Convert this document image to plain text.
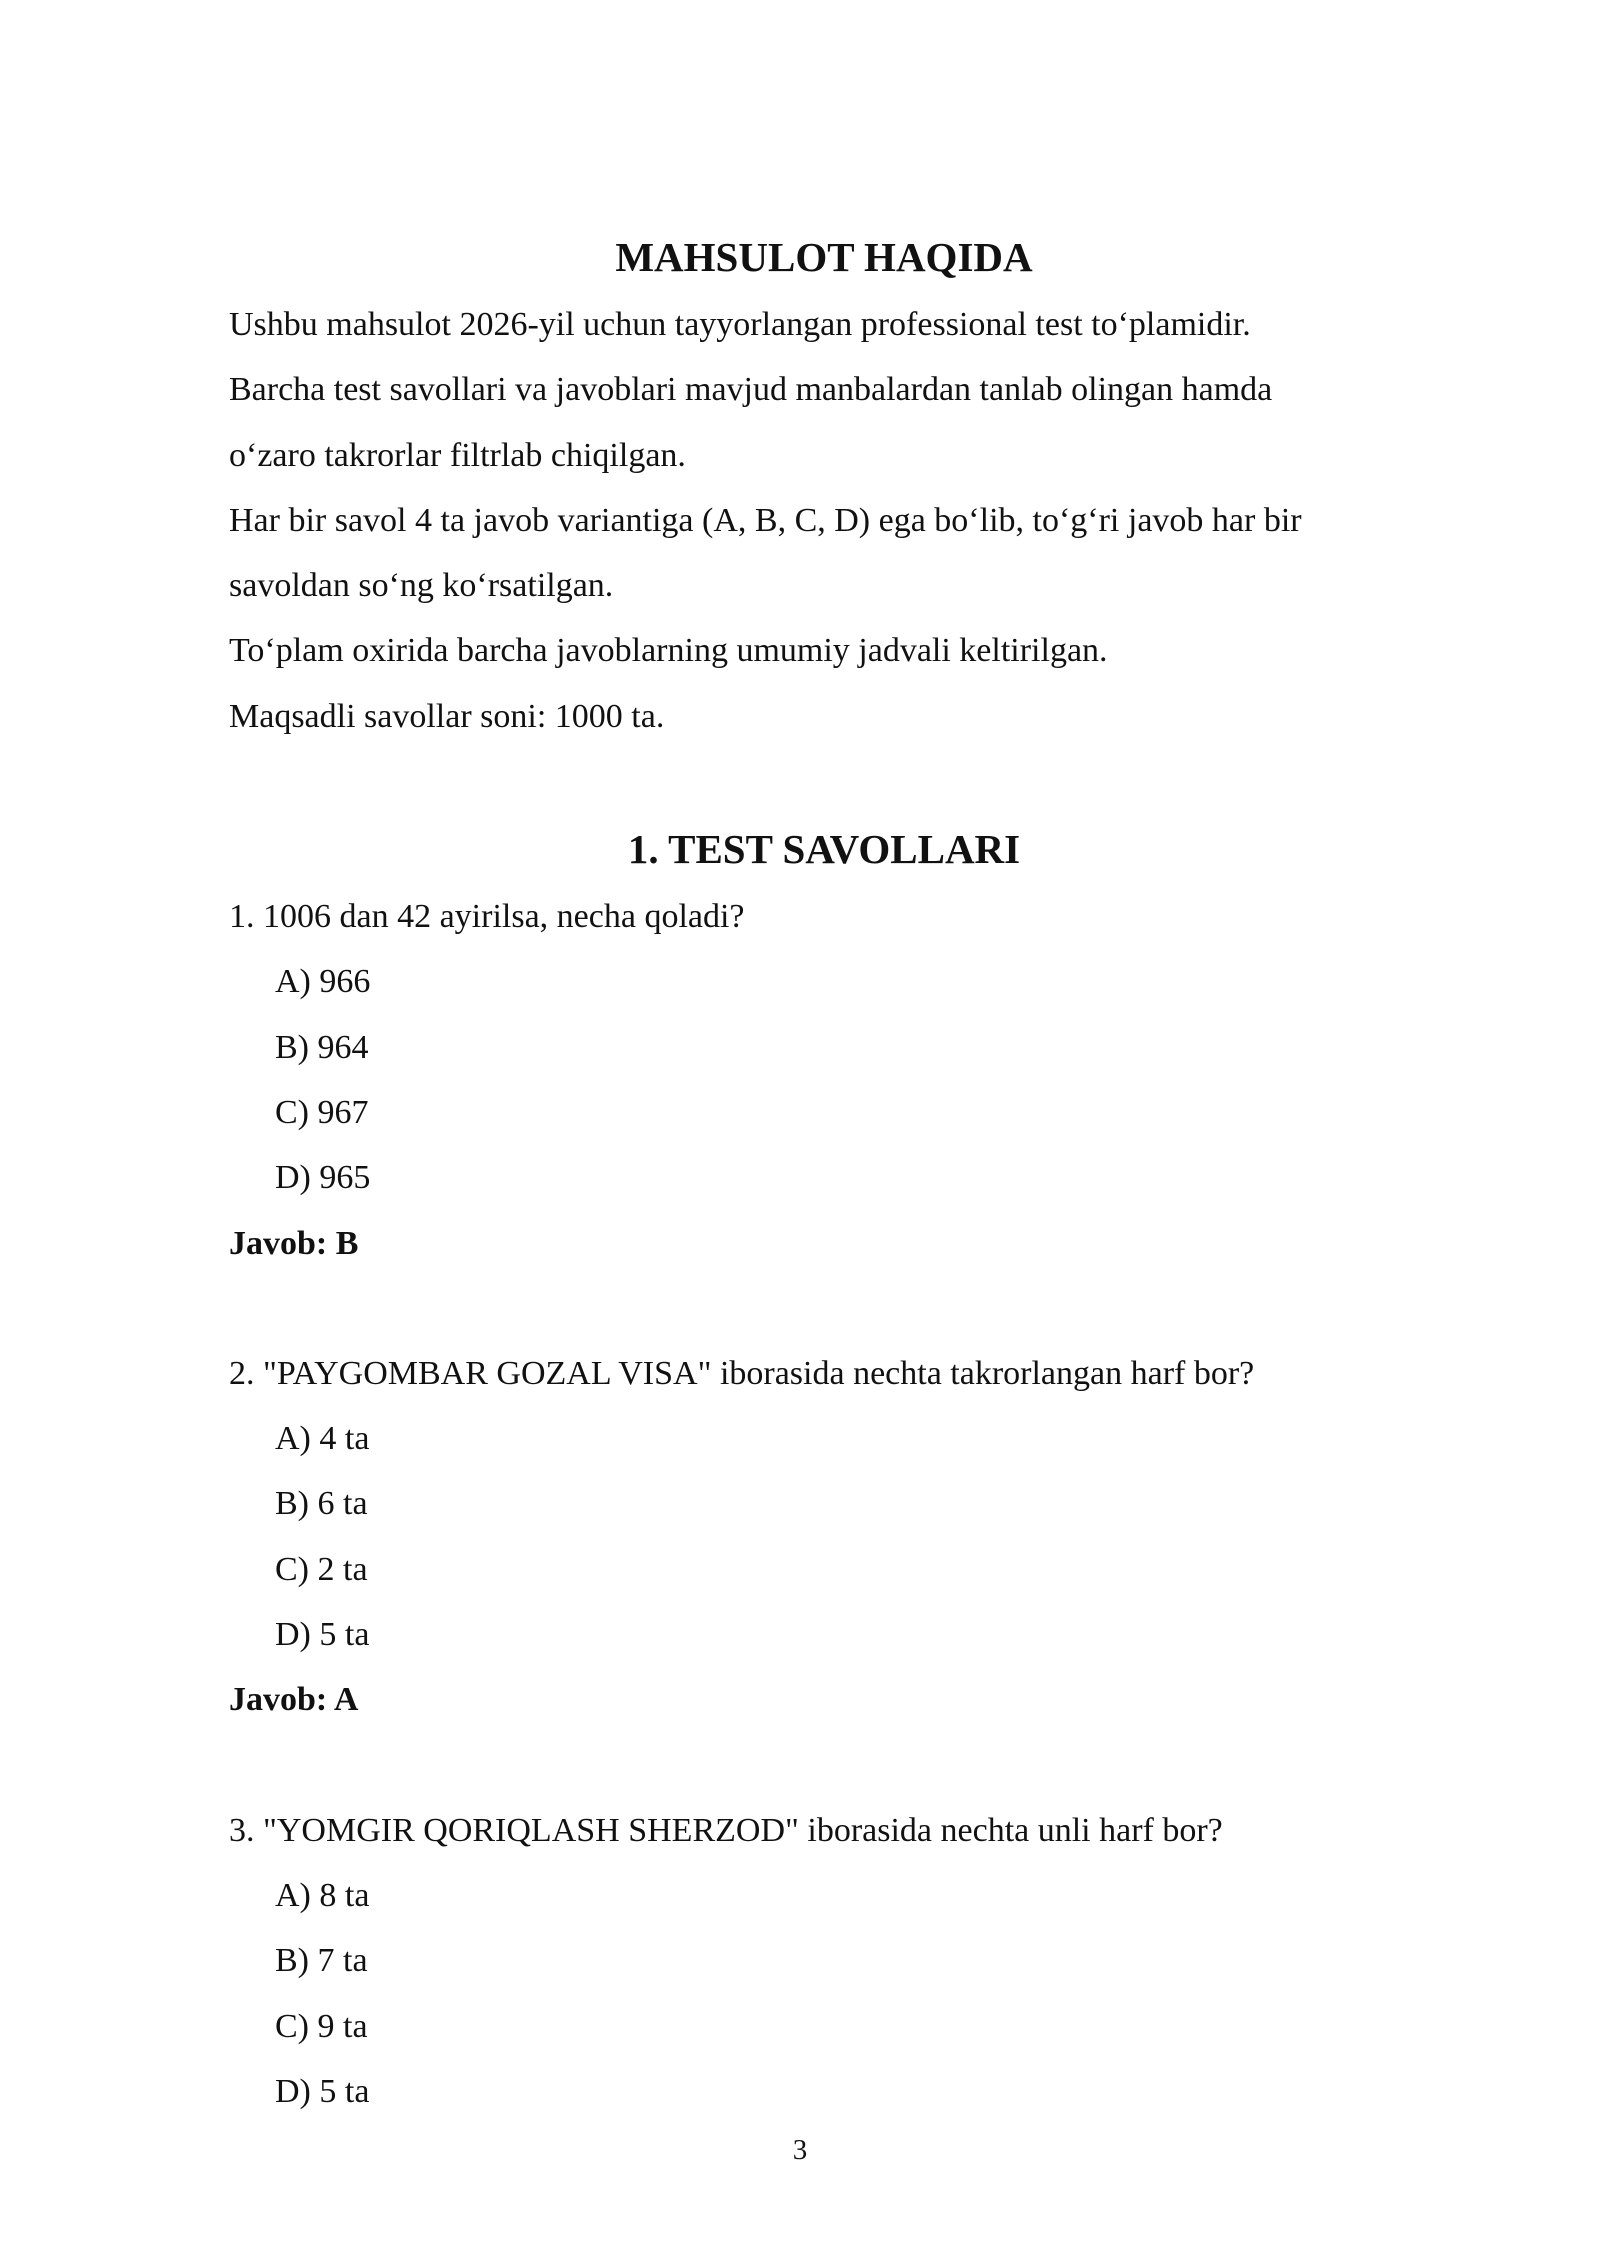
MAHSULOT HAQIDA

Ushbu mahsulot 2026-yil uchun tayyorlangan professional test to‘plamidir.

Barcha test savollari va javoblari mavjud manbalardan tanlab olingan hamda

o‘zaro takrorlar filtrlab chiqilgan.

Har bir savol 4 ta javob variantiga (A, B, C, D) ega bo‘lib, to‘g‘ri javob har bir

savoldan so‘ng ko‘rsatilgan.

To‘plam oxirida barcha javoblarning umumiy jadvali keltirilgan.

Maqsadli savollar soni: 1000 ta.

1. TEST SAVOLLARI

1. 1006 dan 42 ayirilsa, necha qoladi?

A) 966

B) 964

C) 967

D) 965

Javob: B

2. "PAYGOMBAR GOZAL VISA" iborasida nechta takrorlangan harf bor?

A) 4 ta

B) 6 ta

C) 2 ta

D) 5 ta

Javob: A

3. "YOMGIR QORIQLASH SHERZOD" iborasida nechta unli harf bor?

A) 8 ta

B) 7 ta

C) 9 ta

D) 5 ta

3
